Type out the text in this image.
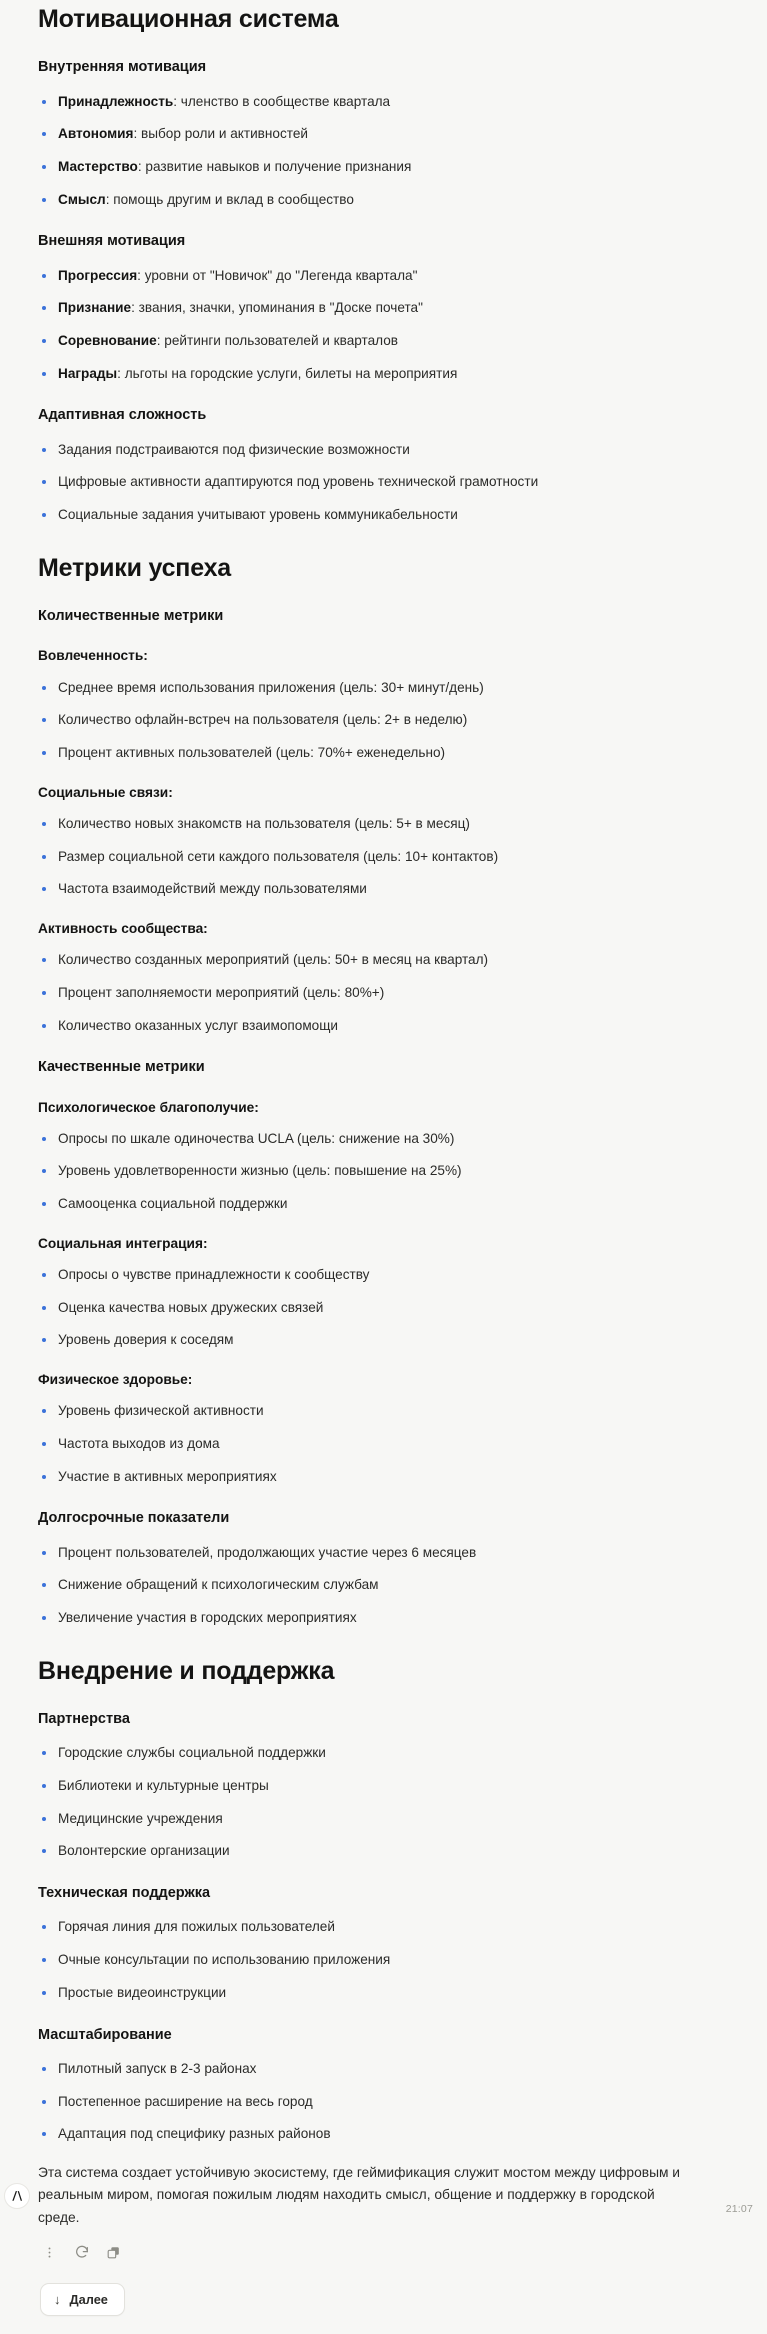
Мотивационная система
Внутренняя мотивация
Принадлежность: членство в сообществе квартала
Автономия: выбор роли и активностей
Мастерство: развитие навыков и получение признания
Смысл: помощь другим и вклад в сообщество
Внешняя мотивация
Прогрессия: уровни от "Новичок" до "Легенда квартала"
Признание: звания, значки, упоминания в "Доске почета"
Соревнование: рейтинги пользователей и кварталов
Награды: льготы на городские услуги, билеты на мероприятия
Адаптивная сложность
Задания подстраиваются под физические возможности
Цифровые активности адаптируются под уровень технической грамотности
Социальные задания учитывают уровень коммуникабельности
Метрики успеха
Количественные метрики
Вовлеченность:
Среднее время использования приложения (цель: 30+ минут/день)
Количество офлайн-встреч на пользователя (цель: 2+ в неделю)
Процент активных пользователей (цель: 70%+ еженедельно)
Социальные связи:
Количество новых знакомств на пользователя (цель: 5+ в месяц)
Размер социальной сети каждого пользователя (цель: 10+ контактов)
Частота взаимодействий между пользователями
Активность сообщества:
Количество созданных мероприятий (цель: 50+ в месяц на квартал)
Процент заполняемости мероприятий (цель: 80%+)
Количество оказанных услуг взаимопомощи
Качественные метрики
Психологическое благополучие:
Опросы по шкале одиночества UCLA (цель: снижение на 30%)
Уровень удовлетворенности жизнью (цель: повышение на 25%)
Самооценка социальной поддержки
Социальная интеграция:
Опросы о чувстве принадлежности к сообществу
Оценка качества новых дружеских связей
Уровень доверия к соседям
Физическое здоровье:
Уровень физической активности
Частота выходов из дома
Участие в активных мероприятиях
Долгосрочные показатели
Процент пользователей, продолжающих участие через 6 месяцев
Снижение обращений к психологическим службам
Увеличение участия в городских мероприятиях
Внедрение и поддержка
Партнерства
Городские службы социальной поддержки
Библиотеки и культурные центры
Медицинские учреждения
Волонтерские организации
Техническая поддержка
Горячая линия для пожилых пользователей
Очные консультации по использованию приложения
Простые видеоинструкции
Масштабирование
Пилотный запуск в 2-3 районах
Постепенное расширение на весь город
Адаптация под специфику разных районов

Эта система создает устойчивую экосистему, где геймификация служит мостом между цифровым и реальным миром, помогая пожилым людям находить смысл, общение и поддержку в городской среде.

21:07
↓ Далее
